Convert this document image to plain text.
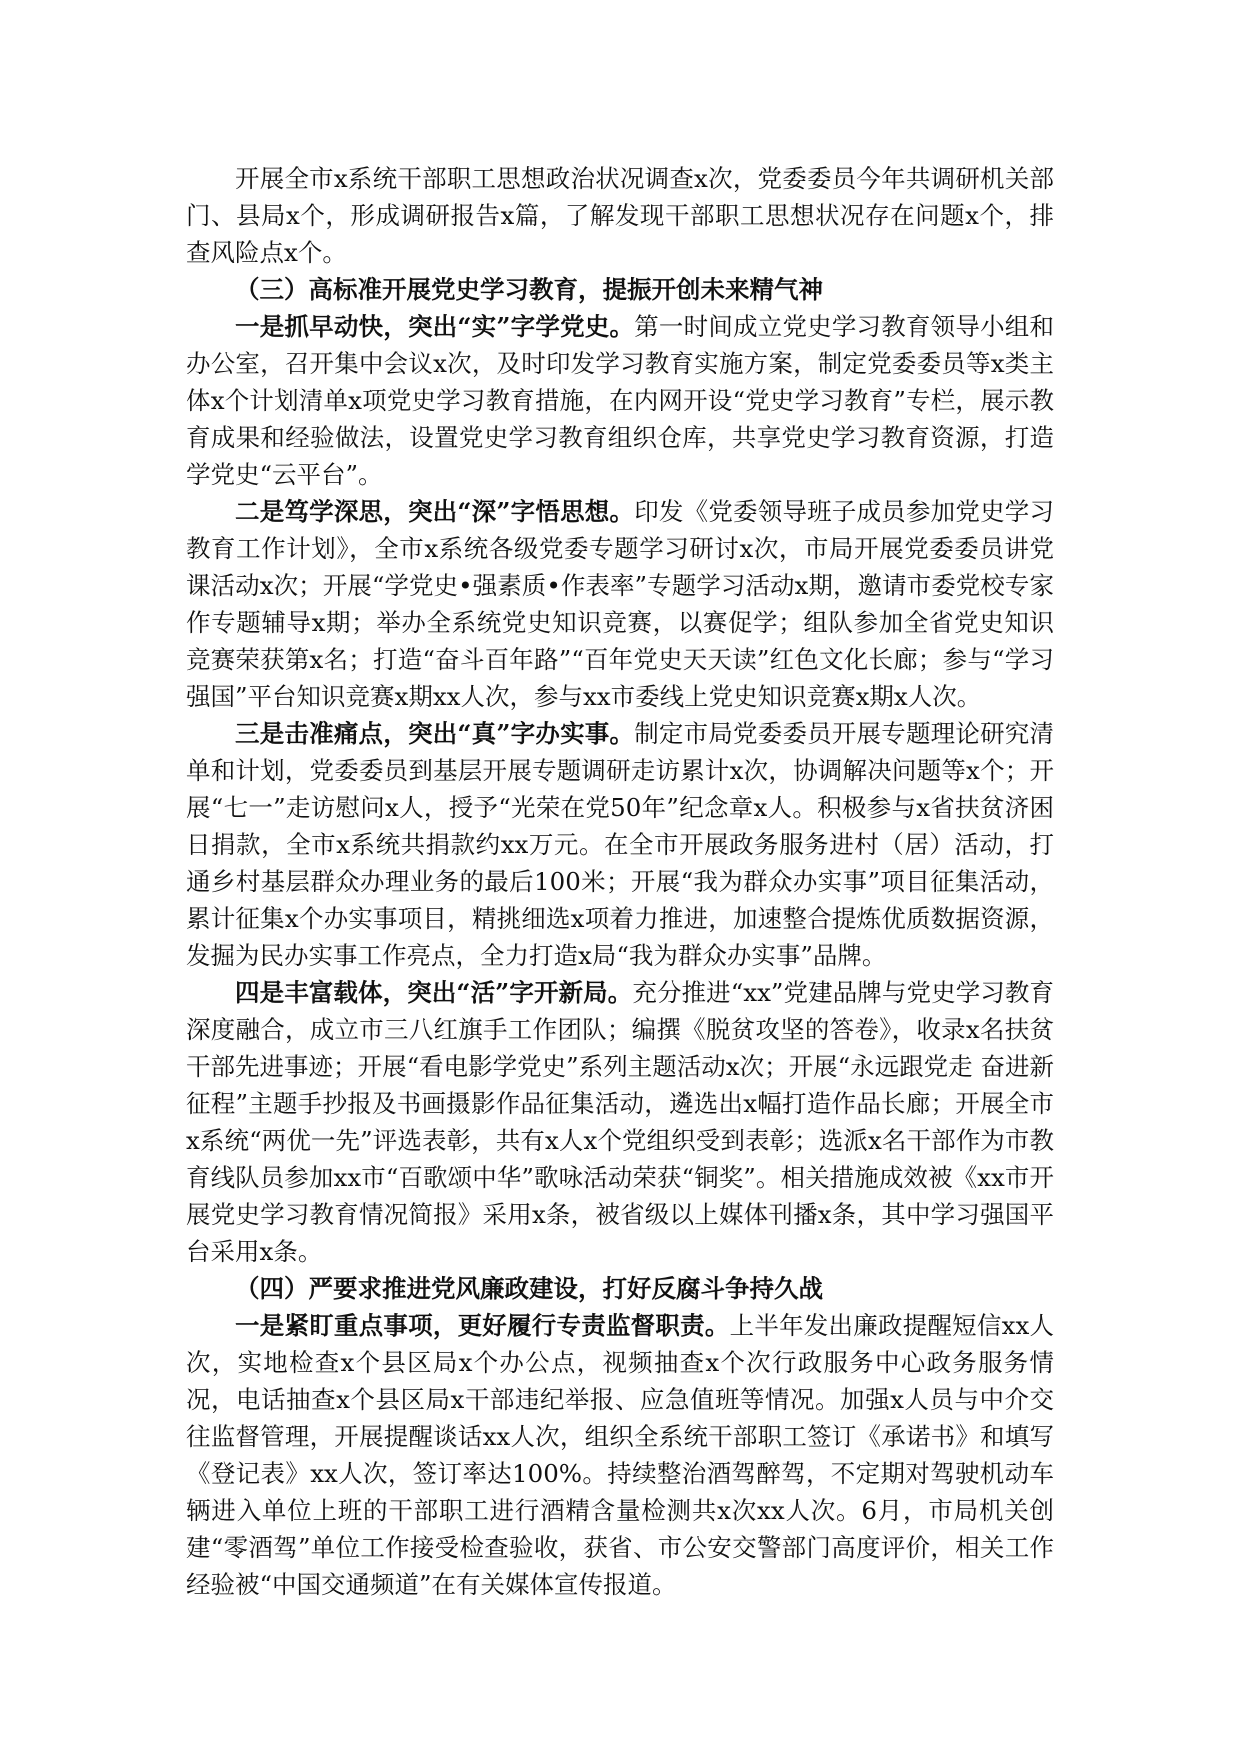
开展全市x系统干部职工思想政治状况调查x次，党委委员今年共调研机关部门、县局x个，形成调研报告x篇，了解发现干部职工思想状况存在问题x个，排查风险点x个。

（三）高标准开展党史学习教育，提振开创未来精气神

一是抓早动快，突出“实”字学党史。第一时间成立党史学习教育领导小组和办公室，召开集中会议x次，及时印发学习教育实施方案，制定党委委员等x类主体x个计划清单x项党史学习教育措施，在内网开设“党史学习教育”专栏，展示教育成果和经验做法，设置党史学习教育组织仓库，共享党史学习教育资源，打造学党史“云平台”。

二是笃学深思，突出“深”字悟思想。印发《党委领导班子成员参加党史学习教育工作计划》，全市x系统各级党委专题学习研讨x次，市局开展党委委员讲党课活动x次；开展“学党史•强素质•作表率”专题学习活动x期，邀请市委党校专家作专题辅导x期；举办全系统党史知识竞赛，以赛促学；组队参加全省党史知识竞赛荣获第x名；打造“奋斗百年路”“百年党史天天读”红色文化长廊；参与“学习强国”平台知识竞赛x期xx人次，参与xx市委线上党史知识竞赛x期x人次。

三是击准痛点，突出“真”字办实事。制定市局党委委员开展专题理论研究清单和计划，党委委员到基层开展专题调研走访累计x次，协调解决问题等x个；开展“七一”走访慰问x人，授予“光荣在党50年”纪念章x人。积极参与x省扶贫济困日捐款，全市x系统共捐款约xx万元。在全市开展政务服务进村（居）活动，打通乡村基层群众办理业务的最后100米；开展“我为群众办实事”项目征集活动，累计征集x个办实事项目，精挑细选x项着力推进，加速整合提炼优质数据资源，发掘为民办实事工作亮点，全力打造x局“我为群众办实事”品牌。

四是丰富载体，突出“活”字开新局。充分推进“xx”党建品牌与党史学习教育深度融合，成立市三八红旗手工作团队；编撰《脱贫攻坚的答卷》，收录x名扶贫干部先进事迹；开展“看电影学党史”系列主题活动x次；开展“永远跟党走 奋进新征程”主题手抄报及书画摄影作品征集活动，遴选出x幅打造作品长廊；开展全市x系统“两优一先”评选表彰，共有x人x个党组织受到表彰；选派x名干部作为市教育线队员参加xx市“百歌颂中华”歌咏活动荣获“铜奖”。相关措施成效被《xx市开展党史学习教育情况简报》采用x条，被省级以上媒体刊播x条，其中学习强国平台采用x条。

（四）严要求推进党风廉政建设，打好反腐斗争持久战

一是紧盯重点事项，更好履行专责监督职责。上半年发出廉政提醒短信xx人次，实地检查x个县区局x个办公点，视频抽查x个次行政服务中心政务服务情况，电话抽查x个县区局x干部违纪举报、应急值班等情况。加强x人员与中介交往监督管理，开展提醒谈话xx人次，组织全系统干部职工签订《承诺书》和填写《登记表》xx人次，签订率达100%。持续整治酒驾醉驾，不定期对驾驶机动车辆进入单位上班的干部职工进行酒精含量检测共x次xx人次。6月，市局机关创建“零酒驾”单位工作接受检查验收，获省、市公安交警部门高度评价，相关工作经验被“中国交通频道”在有关媒体宣传报道。
